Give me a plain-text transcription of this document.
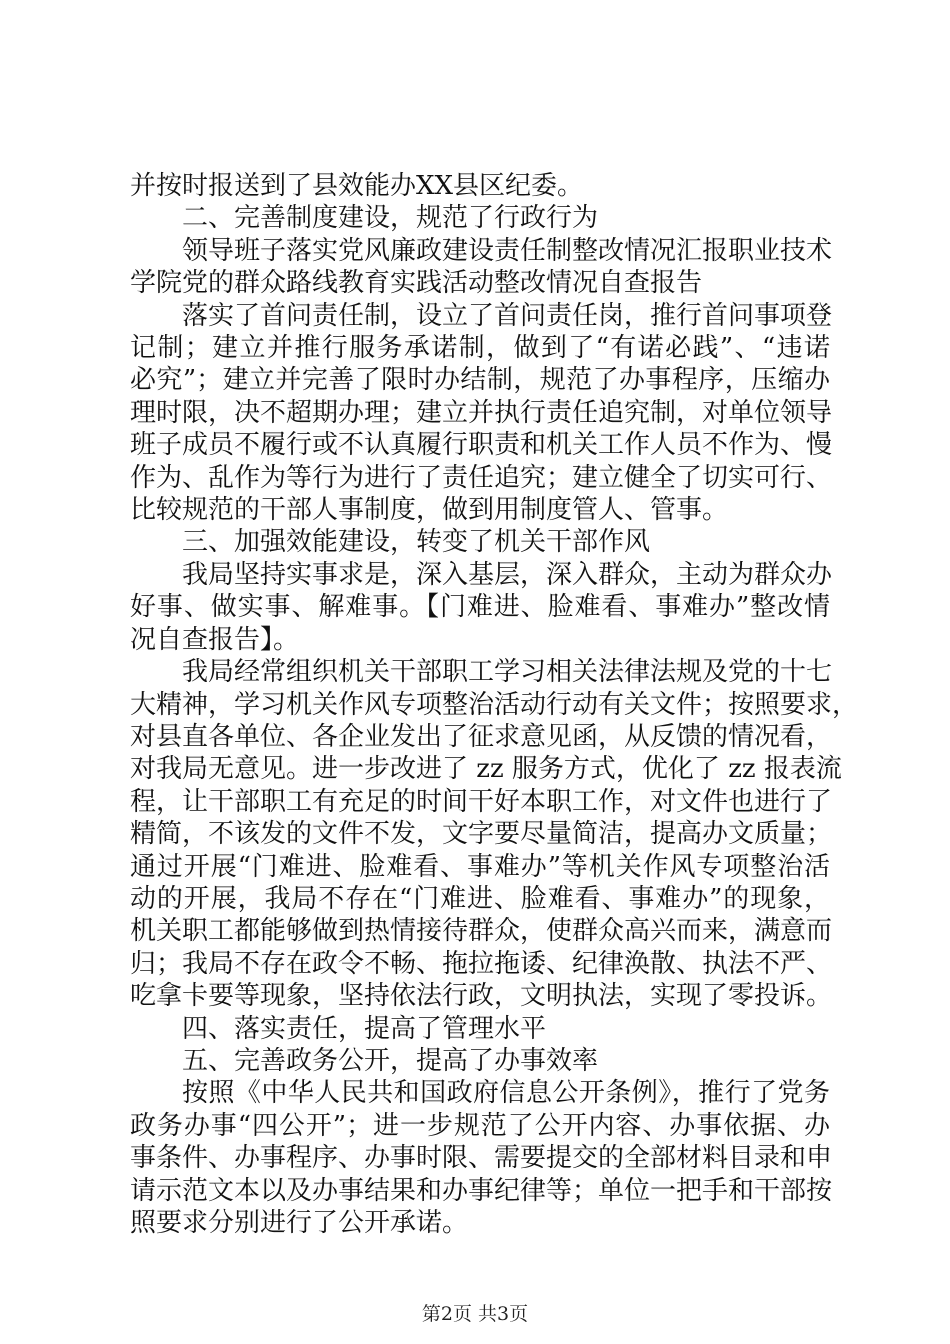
并按时报送到了县效能办XX县区纪委。

二、完善制度建设，规范了行政行为

领导班子落实党风廉政建设责任制整改情况汇报职业技术

学院党的群众路线教育实践活动整改情况自查报告

落实了首问责任制，设立了首问责任岗，推行首问事项登

记制；建立并推行服务承诺制，做到了“有诺必践”、“违诺

必究”；建立并完善了限时办结制，规范了办事程序，压缩办

理时限，决不超期办理；建立并执行责任追究制，对单位领导

班子成员不履行或不认真履行职责和机关工作人员不作为、慢

作为、乱作为等行为进行了责任追究；建立健全了切实可行、

比较规范的干部人事制度，做到用制度管人、管事。

三、加强效能建设，转变了机关干部作风

我局坚持实事求是，深入基层，深入群众，主动为群众办

好事、做实事、解难事。【门难进、脸难看、事难办”整改情

况自查报告】。

我局经常组织机关干部职工学习相关法律法规及党的十七

大精神，学习机关作风专项整治活动行动有关文件；按照要求，

对县直各单位、各企业发出了征求意见函，从反馈的情况看，

对我局无意见。进一步改进了 zz 服务方式，优化了 zz 报表流

程，让干部职工有充足的时间干好本职工作，对文件也进行了

精简，不该发的文件不发，文字要尽量简洁，提高办文质量；

通过开展“门难进、脸难看、事难办”等机关作风专项整治活

动的开展，我局不存在“门难进、脸难看、事难办”的现象，

机关职工都能够做到热情接待群众，使群众高兴而来，满意而

归；我局不存在政令不畅、拖拉拖诿、纪律涣散、执法不严、

吃拿卡要等现象，坚持依法行政，文明执法，实现了零投诉。

四、落实责任，提高了管理水平

五、完善政务公开，提高了办事效率

按照《中华人民共和国政府信息公开条例》，推行了党务

政务办事“四公开”；进一步规范了公开内容、办事依据、办

事条件、办事程序、办事时限、需要提交的全部材料目录和申

请示范文本以及办事结果和办事纪律等；单位一把手和干部按

照要求分别进行了公开承诺。

第2页 共3页
